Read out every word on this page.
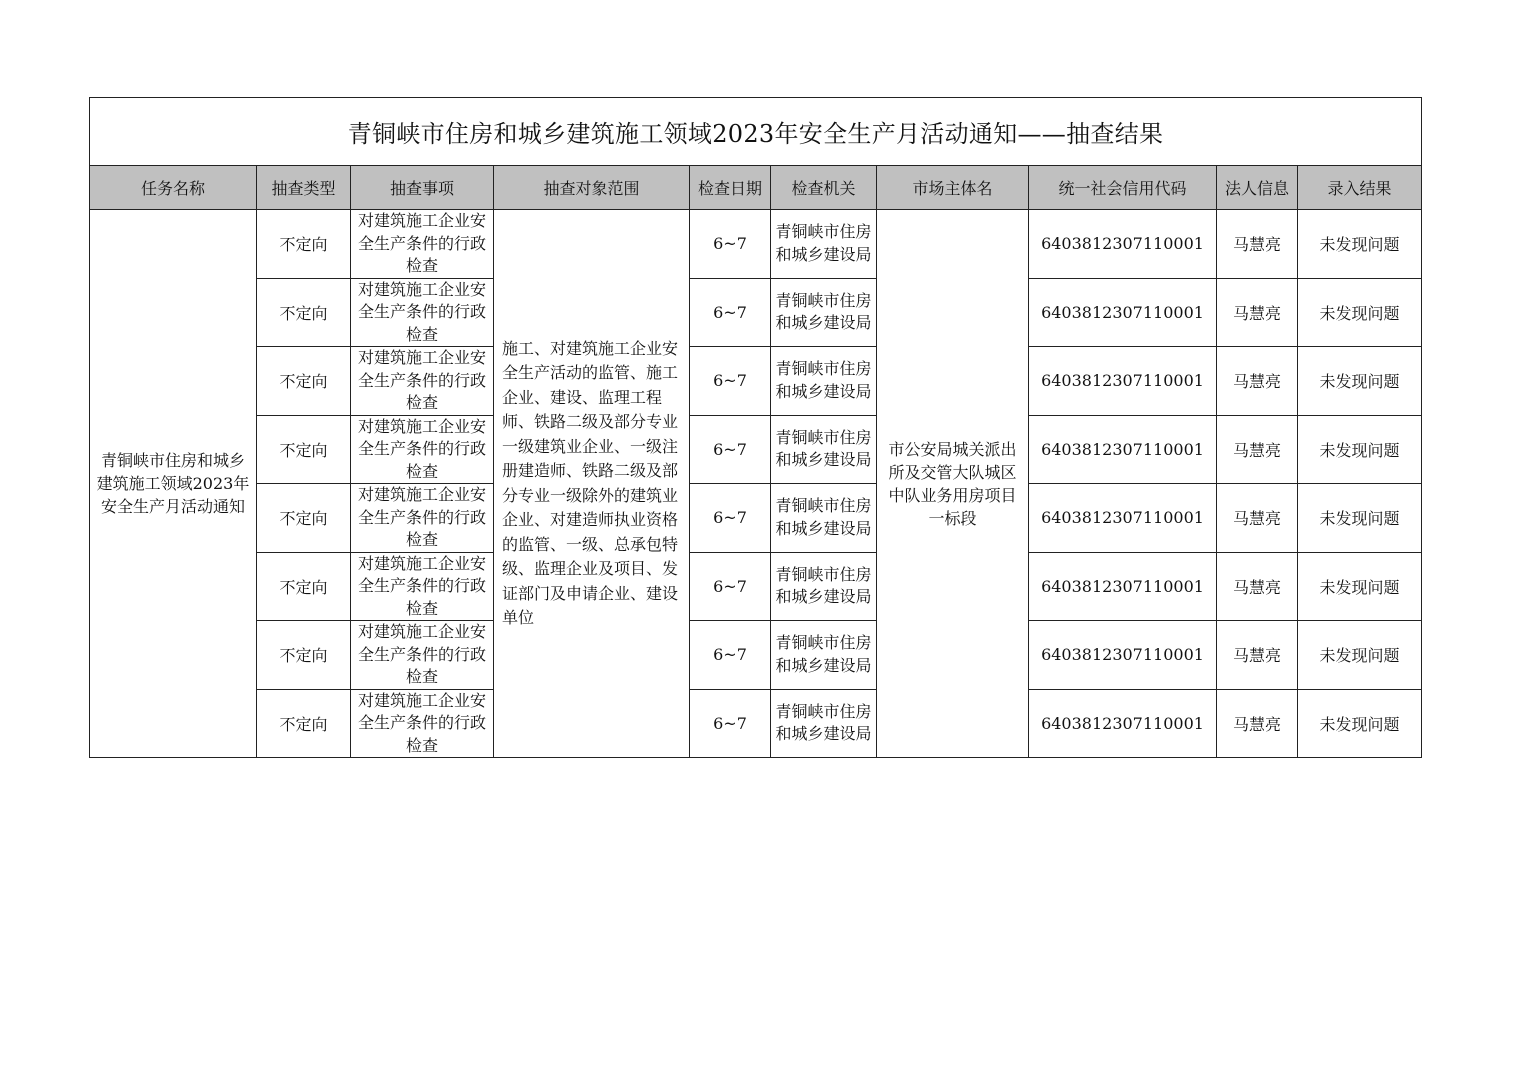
青铜峡市住房和城乡建筑施工领域2023年安全生产月活动通知——抽查结果									
任务名称	抽查类型	抽查事项	抽查对象范围	检查日期	检查机关	市场主体名	统一社会信用代码	法人信息	录入结果

青铜峡市住房和城乡建筑施工领域2023年安全生产月活动通知	不定向	对建筑施工企业安全生产条件的行政检查	施工、对建筑施工企业安全生产活动的监管、施工企业、建设、监理工程师、铁路二级及部分专业一级建筑业企业、一级注册建造师、铁路二级及部分专业一级除外的建筑业企业、对建造师执业资格的监管、一级、总承包特级、监理企业及项目、发证部门及申请企业、建设单位	6~7	青铜峡市住房和城乡建设局	市公安局城关派出所及交管大队城区中队业务用房项目一标段	6403812307110001	马慧亮	未发现问题
	不定向	对建筑施工企业安全生产条件的行政检查		6~7	青铜峡市住房和城乡建设局		6403812307110001	马慧亮	未发现问题
	不定向	对建筑施工企业安全生产条件的行政检查		6~7	青铜峡市住房和城乡建设局		6403812307110001	马慧亮	未发现问题
	不定向	对建筑施工企业安全生产条件的行政检查		6~7	青铜峡市住房和城乡建设局		6403812307110001	马慧亮	未发现问题
	不定向	对建筑施工企业安全生产条件的行政检查		6~7	青铜峡市住房和城乡建设局		6403812307110001	马慧亮	未发现问题
	不定向	对建筑施工企业安全生产条件的行政检查		6~7	青铜峡市住房和城乡建设局		6403812307110001	马慧亮	未发现问题
	不定向	对建筑施工企业安全生产条件的行政检查		6~7	青铜峡市住房和城乡建设局		6403812307110001	马慧亮	未发现问题
	不定向	对建筑施工企业安全生产条件的行政检查		6~7	青铜峡市住房和城乡建设局		6403812307110001	马慧亮	未发现问题
